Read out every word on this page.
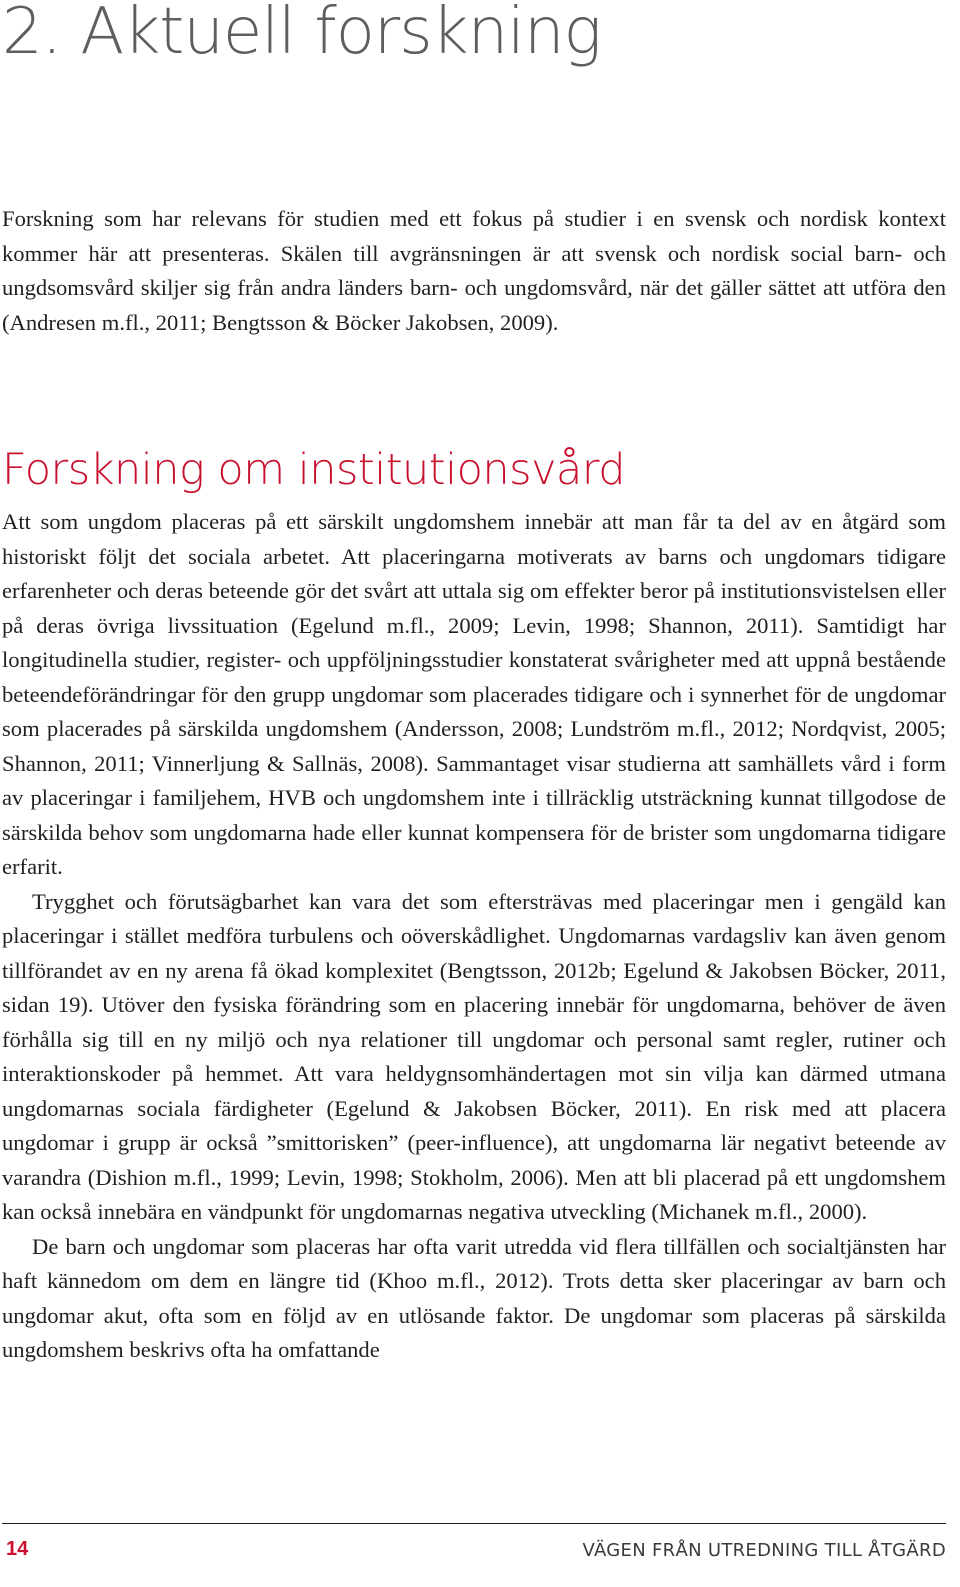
2. Aktuell forskning

Forskning som har relevans för studien med ett fokus på studier i en svensk och nordisk kontext kommer här att presenteras. Skälen till avgränsningen är att svensk och nordisk social barn- och ungdsomsvård skiljer sig från andra länders barn- och ungdomsvård, när det gäller sättet att utföra den (Andresen m.fl., 2011; Bengtsson & Böcker Jakobsen, 2009).

Forskning om institutionsvård

Att som ungdom placeras på ett särskilt ungdomshem innebär att man får ta del av en åtgärd som historiskt följt det sociala arbetet. Att placeringarna motiverats av barns och ungdomars tidigare erfarenheter och deras beteende gör det svårt att uttala sig om effekter beror på institutionsvistelsen eller på deras övriga livssituation (Egelund m.fl., 2009; Levin, 1998; Shannon, 2011). Samtidigt har longitudinella studier, register- och uppföljningsstudier konstaterat svårigheter med att uppnå bestående beteendeförändringar för den grupp ungdomar som placerades tidigare och i synnerhet för de ungdomar som placerades på särskilda ungdomshem (Andersson, 2008; Lundström m.fl., 2012; Nordqvist, 2005; Shannon, 2011; Vinnerljung & Sallnäs, 2008). Sammantaget visar studierna att samhällets vård i form av placeringar i familjehem, HVB och ungdomshem inte i tillräcklig utsträckning kunnat tillgodose de särskilda behov som ungdomarna hade eller kunnat kompensera för de brister som ungdomarna tidigare erfarit.

Trygghet och förutsägbarhet kan vara det som eftersträvas med placeringar men i gengäld kan placeringar i stället medföra turbulens och oöverskådlighet. Ungdomarnas vardagsliv kan även genom tillförandet av en ny arena få ökad komplexitet (Bengtsson, 2012b; Egelund & Jakobsen Böcker, 2011, sidan 19). Utöver den fysiska förändring som en placering innebär för ungdomarna, behöver de även förhålla sig till en ny miljö och nya relationer till ungdomar och personal samt regler, rutiner och interaktionskoder på hemmet. Att vara heldygnsomhändertagen mot sin vilja kan därmed utmana ungdomarnas sociala färdigheter (Egelund & Jakobsen Böcker, 2011). En risk med att placera ungdomar i grupp är också ”smittorisken” (peer-influence), att ungdomarna lär negativt beteende av varandra (Dishion m.fl., 1999; Levin, 1998; Stokholm, 2006). Men att bli placerad på ett ungdomshem kan också innebära en vändpunkt för ungdomarnas negativa utveckling (Michanek m.fl., 2000).

De barn och ungdomar som placeras har ofta varit utredda vid flera tillfällen och socialtjänsten har haft kännedom om dem en längre tid (Khoo m.fl., 2012). Trots detta sker placeringar av barn och ungdomar akut, ofta som en följd av en utlösande faktor. De ungdomar som placeras på särskilda ungdomshem beskrivs ofta ha omfattande

14	VÄGEN FRÅN UTREDNING TILL ÅTGÄRD
